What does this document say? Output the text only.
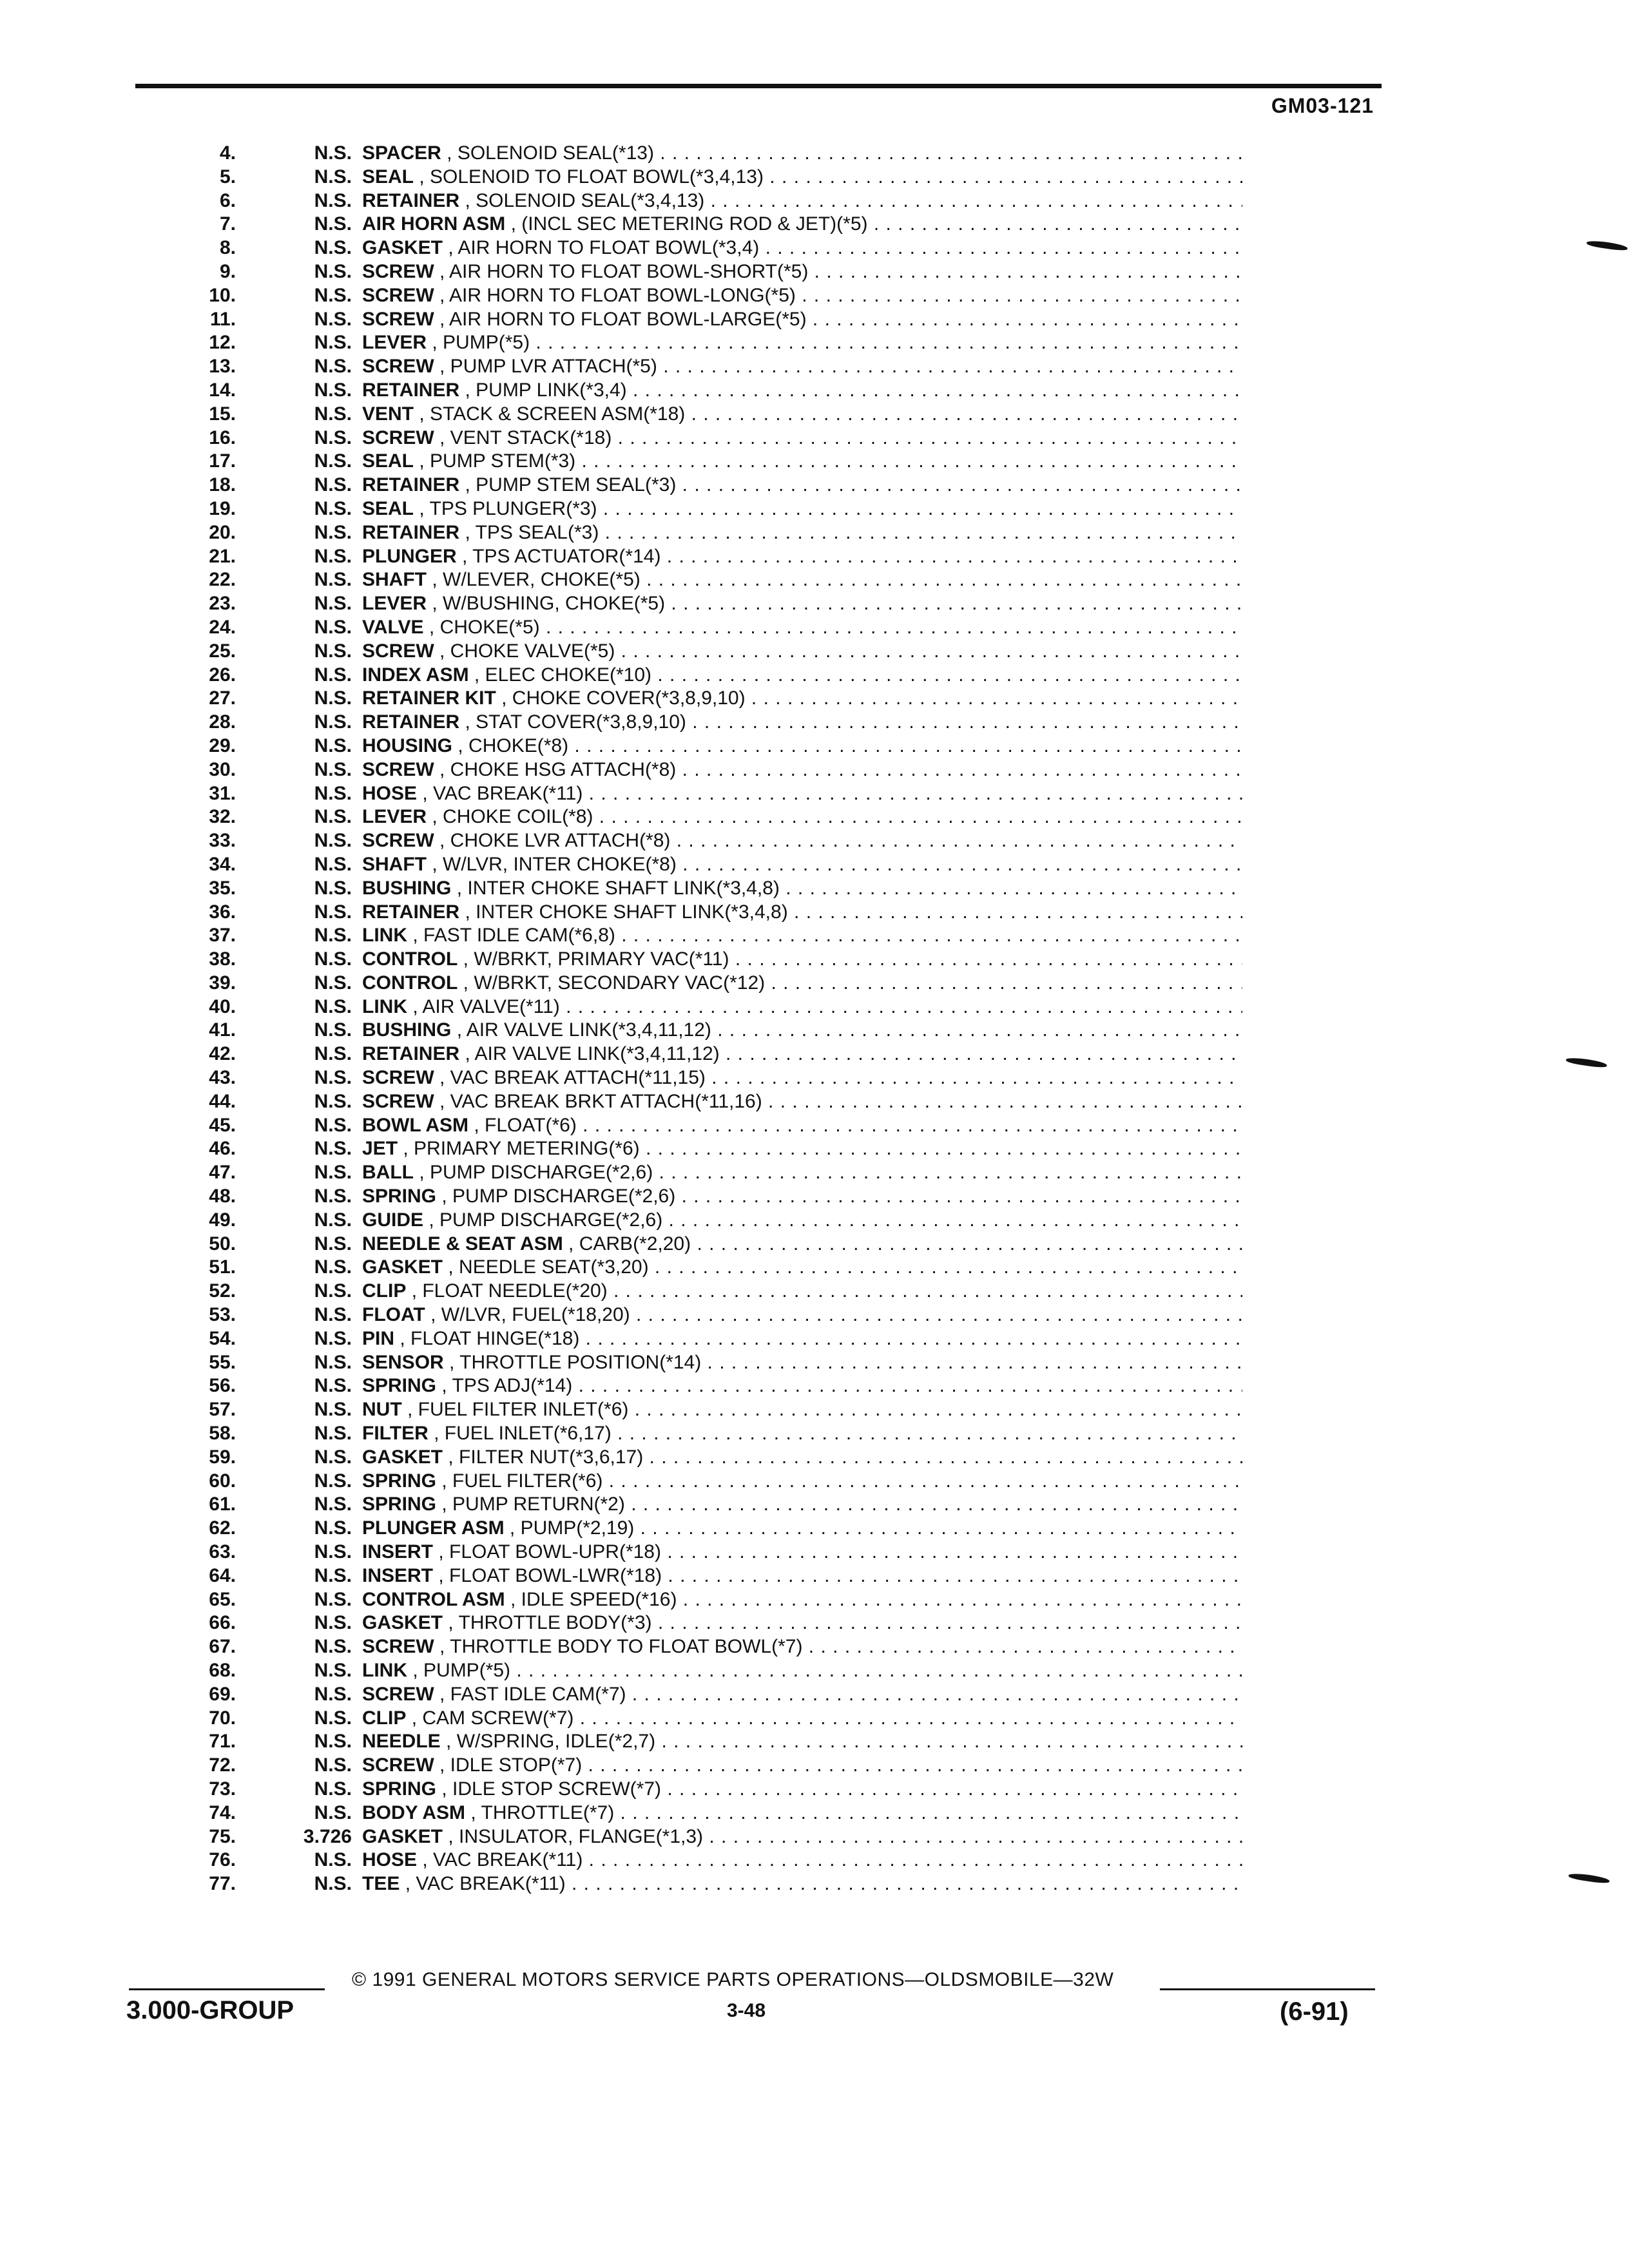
GM03-121
4.	N.S. SPACER , SOLENOID SEAL(*13) . . .
5.	N.S. SEAL , SOLENOID TO FLOAT BOWL(*3,4,13) . . .
6.	N.S. RETAINER , SOLENOID SEAL(*3,4,13) . . .
7.	N.S. AIR HORN ASM , (INCL SEC METERING ROD & JET)(*5) . . .
8.	N.S. GASKET , AIR HORN TO FLOAT BOWL(*3,4) . . .
9.	N.S. SCREW , AIR HORN TO FLOAT BOWL-SHORT(*5) . . .
10.	N.S. SCREW , AIR HORN TO FLOAT BOWL-LONG(*5) . . .
11.	N.S. SCREW , AIR HORN TO FLOAT BOWL-LARGE(*5) . . .
12.	N.S. LEVER , PUMP(*5) . . .
13.	N.S. SCREW , PUMP LVR ATTACH(*5) . . .
14.	N.S. RETAINER , PUMP LINK(*3,4) . . .
15.	N.S. VENT , STACK & SCREEN ASM(*18) . . .
16.	N.S. SCREW , VENT STACK(*18) . . .
17.	N.S. SEAL , PUMP STEM(*3) . . .
18.	N.S. RETAINER , PUMP STEM SEAL(*3) . . .
19.	N.S. SEAL , TPS PLUNGER(*3) . . .
20.	N.S. RETAINER , TPS SEAL(*3) . . .
21.	N.S. PLUNGER , TPS ACTUATOR(*14) . . .
22.	N.S. SHAFT , W/LEVER, CHOKE(*5) . . .
23.	N.S. LEVER , W/BUSHING, CHOKE(*5) . . .
24.	N.S. VALVE , CHOKE(*5) . . .
25.	N.S. SCREW , CHOKE VALVE(*5) . . .
26.	N.S. INDEX ASM , ELEC CHOKE(*10) . . .
27.	N.S. RETAINER KIT , CHOKE COVER(*3,8,9,10) . . .
28.	N.S. RETAINER , STAT COVER(*3,8,9,10) . . .
29.	N.S. HOUSING , CHOKE(*8) . . .
30.	N.S. SCREW , CHOKE HSG ATTACH(*8) . . .
31.	N.S. HOSE , VAC BREAK(*11) . . .
32.	N.S. LEVER , CHOKE COIL(*8) . . .
33.	N.S. SCREW , CHOKE LVR ATTACH(*8) . . .
34.	N.S. SHAFT , W/LVR, INTER CHOKE(*8) . . .
35.	N.S. BUSHING , INTER CHOKE SHAFT LINK(*3,4,8) . . .
36.	N.S. RETAINER , INTER CHOKE SHAFT LINK(*3,4,8) . . .
37.	N.S. LINK , FAST IDLE CAM(*6,8) . . .
38.	N.S. CONTROL , W/BRKT, PRIMARY VAC(*11) . . .
39.	N.S. CONTROL , W/BRKT, SECONDARY VAC(*12) . . .
40.	N.S. LINK , AIR VALVE(*11) . . .
41.	N.S. BUSHING , AIR VALVE LINK(*3,4,11,12) . . .
42.	N.S. RETAINER , AIR VALVE LINK(*3,4,11,12) . . .
43.	N.S. SCREW , VAC BREAK ATTACH(*11,15) . . .
44.	N.S. SCREW , VAC BREAK BRKT ATTACH(*11,16) . . .
45.	N.S. BOWL ASM , FLOAT(*6) . . .
46.	N.S. JET , PRIMARY METERING(*6) . . .
47.	N.S. BALL , PUMP DISCHARGE(*2,6) . . .
48.	N.S. SPRING , PUMP DISCHARGE(*2,6) . . .
49.	N.S. GUIDE , PUMP DISCHARGE(*2,6) . . .
50.	N.S. NEEDLE & SEAT ASM , CARB(*2,20) . . .
51.	N.S. GASKET , NEEDLE SEAT(*3,20) . . .
52.	N.S. CLIP , FLOAT NEEDLE(*20) . . .
53.	N.S. FLOAT , W/LVR, FUEL(*18,20) . . .
54.	N.S. PIN , FLOAT HINGE(*18) . . .
55.	N.S. SENSOR , THROTTLE POSITION(*14) . . .
56.	N.S. SPRING , TPS ADJ(*14) . . .
57.	N.S. NUT , FUEL FILTER INLET(*6) . . .
58.	N.S. FILTER , FUEL INLET(*6,17) . . .
59.	N.S. GASKET , FILTER NUT(*3,6,17) . . .
60.	N.S. SPRING , FUEL FILTER(*6) . . .
61.	N.S. SPRING , PUMP RETURN(*2) . . .
62.	N.S. PLUNGER ASM , PUMP(*2,19) . . .
63.	N.S. INSERT , FLOAT BOWL-UPR(*18) . . .
64.	N.S. INSERT , FLOAT BOWL-LWR(*18) . . .
65.	N.S. CONTROL ASM , IDLE SPEED(*16) . . .
66.	N.S. GASKET , THROTTLE BODY(*3) . . .
67.	N.S. SCREW , THROTTLE BODY TO FLOAT BOWL(*7) . . .
68.	N.S. LINK , PUMP(*5) . . .
69.	N.S. SCREW , FAST IDLE CAM(*7) . . .
70.	N.S. CLIP , CAM SCREW(*7) . . .
71.	N.S. NEEDLE , W/SPRING, IDLE(*2,7) . . .
72.	N.S. SCREW , IDLE STOP(*7) . . .
73.	N.S. SPRING , IDLE STOP SCREW(*7) . . .
74.	N.S. BODY ASM , THROTTLE(*7) . . .
75.	3.726 GASKET , INSULATOR, FLANGE(*1,3) . . .
76.	N.S. HOSE , VAC BREAK(*11) . . .
77.	N.S. TEE , VAC BREAK(*11) . . .
© 1991 GENERAL MOTORS SERVICE PARTS OPERATIONS—OLDSMOBILE—32W
3.000-GROUP	3-48	(6-91)
